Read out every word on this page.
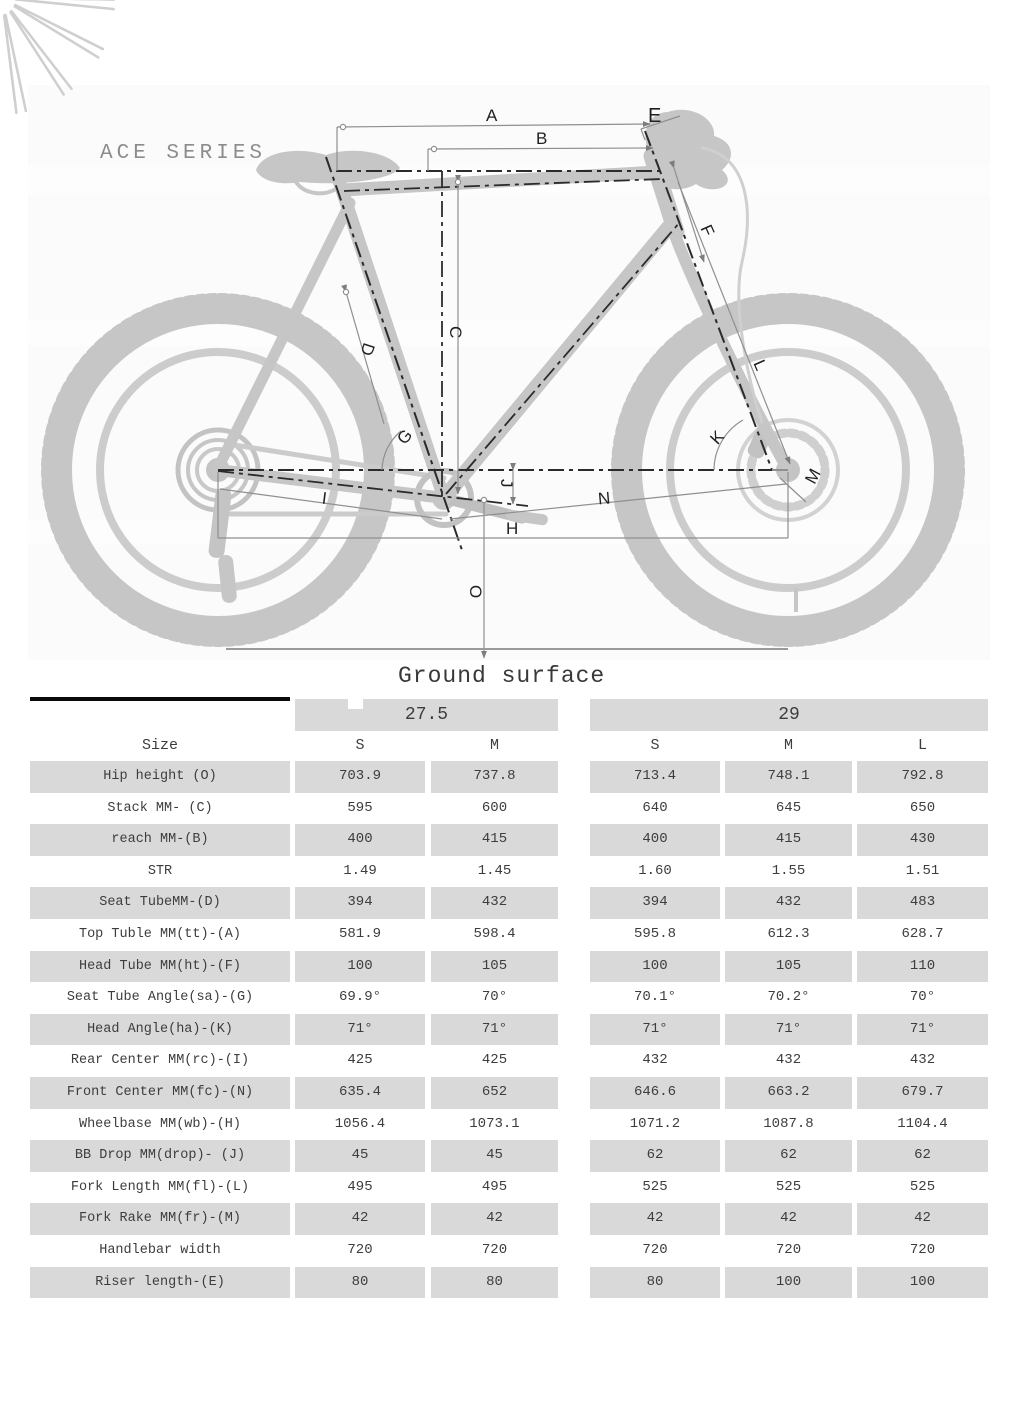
ACE SERIES
A
B
C
D
E
F
G
H
I
J
K
L
M
N
O
Ground surface
27.5	29
Size	S	M	S	M	L
Hip height (O)	703.9	737.8	713.4	748.1	792.8
Stack MM- (C)	595	600	640	645	650
reach MM-(B)	400	415	400	415	430
STR	1.49	1.45	1.60	1.55	1.51
Seat TubeMM-(D)	394	432	394	432	483
Top Tuble MM(tt)-(A)	581.9	598.4	595.8	612.3	628.7
Head Tube MM(ht)-(F)	100	105	100	105	110
Seat Tube Angle(sa)-(G)	69.9°	70°	70.1°	70.2°	70°
Head Angle(ha)-(K)	71°	71°	71°	71°	71°
Rear Center MM(rc)-(I)	425	425	432	432	432
Front Center MM(fc)-(N)	635.4	652	646.6	663.2	679.7
Wheelbase MM(wb)-(H)	1056.4	1073.1	1071.2	1087.8	1104.4
BB Drop MM(drop)- (J)	45	45	62	62	62
Fork Length MM(fl)-(L)	495	495	525	525	525
Fork Rake MM(fr)-(M)	42	42	42	42	42
Handlebar width	720	720	720	720	720
Riser length-(E)	80	80	80	100	100
